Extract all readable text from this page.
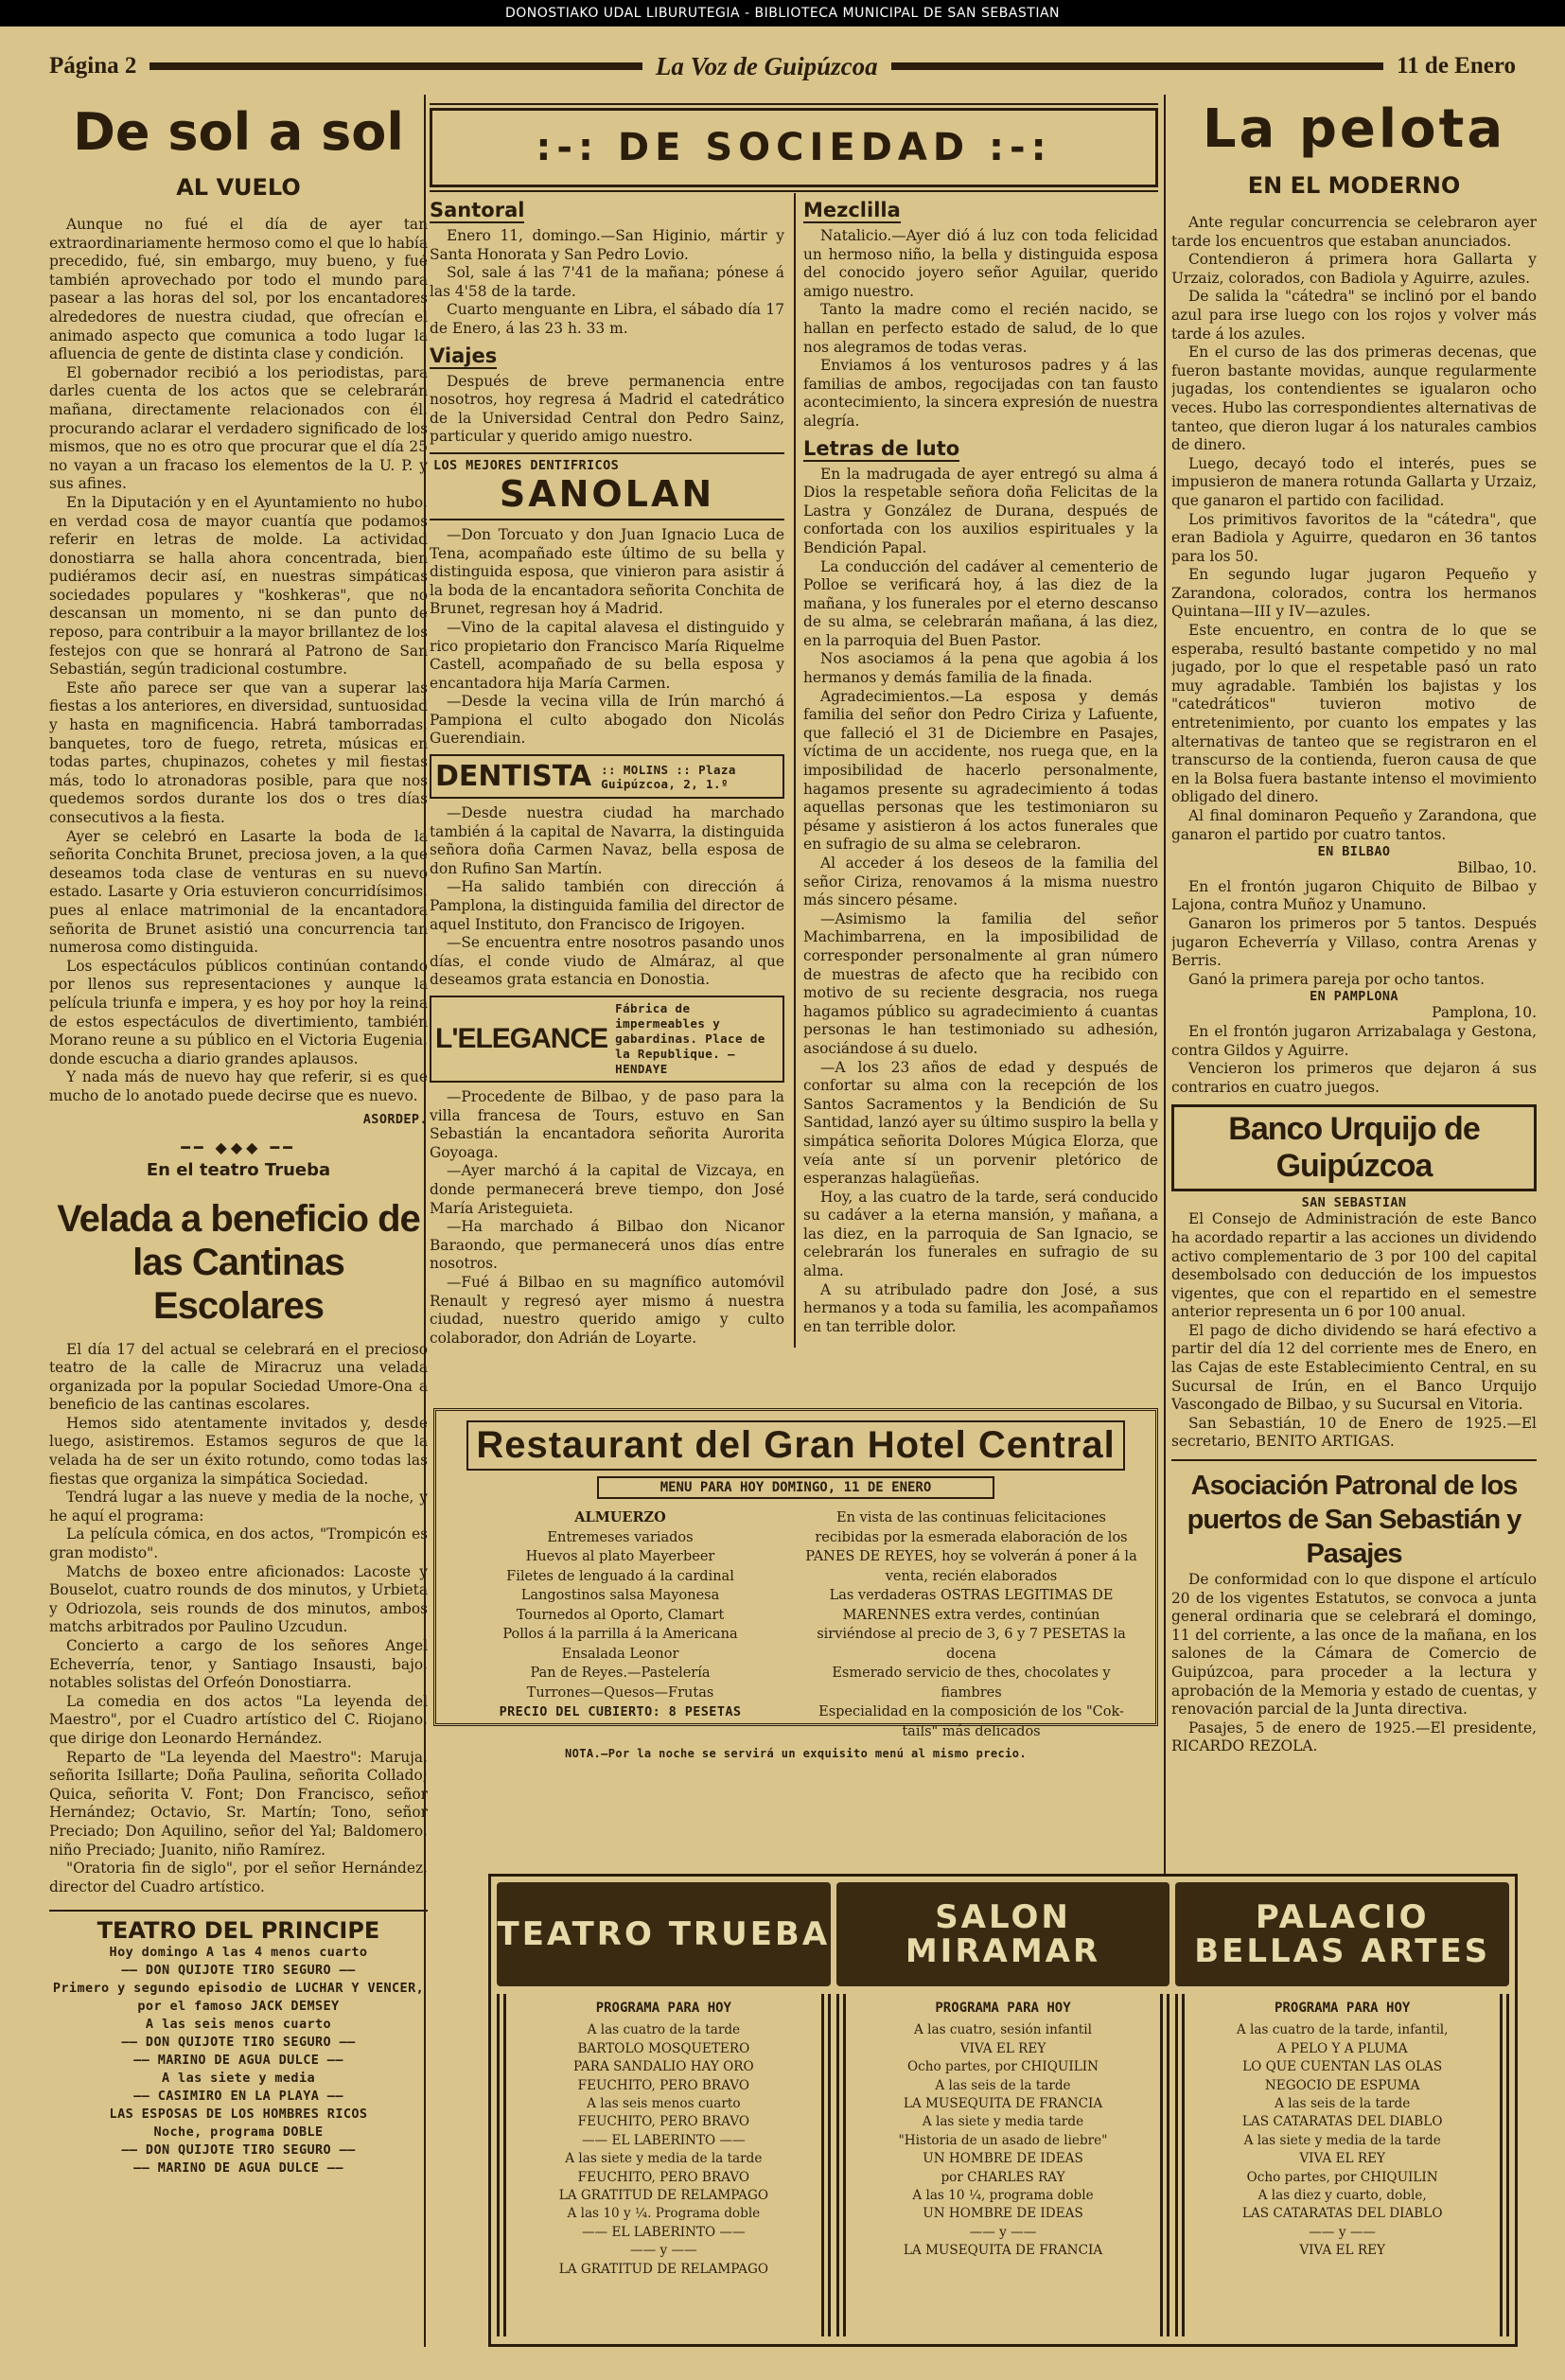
DONOSTIAKO UDAL LIBURUTEGIA - BIBLIOTECA MUNICIPAL DE SAN SEBASTIAN
Página 2	La Voz de Guipúzcoa	11 de Enero
De sol a sol
AL VUELO

Aunque no fué el día de ayer tan extraordinariamente hermoso como el que lo había precedido, fué, sin embargo, muy bueno, y fué también aprovechado por todo el mundo para pasear a las horas del sol, por los encantadores alrededores de nuestra ciudad, que ofrecían el animado aspecto que comunica a todo lugar la afluencia de gente de distinta clase y condición.

El gobernador recibió a los periodistas, para darles cuenta de los actos que se celebrarán mañana, directamente relacionados con él, procurando aclarar el verdadero significado de los mismos, que no es otro que procurar que el día 25 no vayan a un fracaso los elementos de la U. P. y sus afines.

En la Diputación y en el Ayuntamiento no hubo, en verdad cosa de mayor cuantía que podamos referir en letras de molde. La actividad donostiarra se halla ahora concentrada, bien pudiéramos decir así, en nuestras simpáticas sociedades populares y "koshkeras", que no descansan un momento, ni se dan punto de reposo, para contribuir a la mayor brillantez de los festejos con que se honrará al Patrono de San Sebastián, según tradicional costumbre.

Este año parece ser que van a superar las fiestas a los anteriores, en diversidad, suntuosidad y hasta en magnificencia. Habrá tamborradas, banquetes, toro de fuego, retreta, músicas en todas partes, chupinazos, cohetes y mil fiestas más, todo lo atronadoras posible, para que nos quedemos sordos durante los dos o tres días consecutivos a la fiesta.

Ayer se celebró en Lasarte la boda de la señorita Conchita Brunet, preciosa joven, a la que deseamos toda clase de venturas en su nuevo estado. Lasarte y Oria estuvieron concurridísimos, pues al enlace matrimonial de la encantadora señorita de Brunet asistió una concurrencia tan numerosa como distinguida.

Los espectáculos públicos continúan contando por llenos sus representaciones y aunque la película triunfa e impera, y es hoy por hoy la reina de estos espectáculos de divertimiento, también Morano reune a su público en el Victoria Eugenia, donde escucha a diario grandes aplausos.

Y nada más de nuevo hay que referir, si es que mucho de lo anotado puede decirse que es nuevo.

ASORDEP.
━━ ◆◆◆ ━━
En el teatro Trueba
Velada a beneficio de las Cantinas Escolares

El día 17 del actual se celebrará en el precioso teatro de la calle de Miracruz una velada organizada por la popular Sociedad Umore-Ona a beneficio de las cantinas escolares.

Hemos sido atentamente invitados y, desde luego, asistiremos. Estamos seguros de que la velada ha de ser un éxito rotundo, como todas las fiestas que organiza la simpática Sociedad.

Tendrá lugar a las nueve y media de la noche, y he aquí el programa:

La película cómica, en dos actos, "Trompicón es gran modisto".

Matchs de boxeo entre aficionados: Lacoste y Bouselot, cuatro rounds de dos minutos, y Urbieta y Odriozola, seis rounds de dos minutos, ambos matchs arbitrados por Paulino Uzcudun.

Concierto a cargo de los señores Angel Echeverría, tenor, y Santiago Insausti, bajo, notables solistas del Orfeón Donostiarra.

La comedia en dos actos "La leyenda del Maestro", por el Cuadro artístico del C. Riojano, que dirige don Leonardo Hernández.

Reparto de "La leyenda del Maestro": Maruja, señorita Isillarte; Doña Paulina, señorita Collado; Quica, señorita V. Font; Don Francisco, señor Hernández; Octavio, Sr. Martín; Tono, señor Preciado; Don Aquilino, señor del Yal; Baldomero, niño Preciado; Juanito, niño Ramírez.

"Oratoria fin de siglo", por el señor Hernández, director del Cuadro artístico.

TEATRO DEL PRINCIPE
Hoy domingo A las 4 menos cuarto
—— DON QUIJOTE TIRO SEGURO ——
Primero y segundo episodio de LUCHAR Y VENCER, por el famoso JACK DEMSEY
A las seis menos cuarto
—— DON QUIJOTE TIRO SEGURO ——
—— MARINO DE AGUA DULCE ——
A las siete y media
—— CASIMIRO EN LA PLAYA ——
LAS ESPOSAS DE LOS HOMBRES RICOS
Noche, programa DOBLE
—— DON QUIJOTE TIRO SEGURO ——
—— MARINO DE AGUA DULCE ——
:-: DE SOCIEDAD :-:
Santoral

Enero 11, domingo.—San Higinio, mártir y Santa Honorata y San Pedro Lovio.

Sol, sale á las 7'41 de la mañana; pónese á las 4'58 de la tarde.

Cuarto menguante en Libra, el sábado día 17 de Enero, á las 23 h. 33 m.

Viajes

Después de breve permanencia entre nosotros, hoy regresa á Madrid el catedrático de la Universidad Central don Pedro Sainz, particular y querido amigo nuestro.

LOS MEJORES DENTIFRICOS
SANOLAN

—Don Torcuato y don Juan Ignacio Luca de Tena, acompañado este último de su bella y distinguida esposa, que vinieron para asistir á la boda de la encantadora señorita Conchita de Brunet, regresan hoy á Madrid.

—Vino de la capital alavesa el distinguido y rico propietario don Francisco María Riquelme Castell, acompañado de su bella esposa y encantadora hija María Carmen.

—Desde la vecina villa de Irún marchó á Pampiona el culto abogado don Nicolás Guerendiain.

DENTISTA :: MOLINS :: Plaza Guipúzcoa, 2, 1.º

—Desde nuestra ciudad ha marchado también á la capital de Navarra, la distinguida señora doña Carmen Navaz, bella esposa de don Rufino San Martín.

—Ha salido también con dirección á Pamplona, la distinguida familia del director de aquel Instituto, don Francisco de Irigoyen.

—Se encuentra entre nosotros pasando unos días, el conde viudo de Almáraz, al que deseamos grata estancia en Donostia.

L'ELEGANCE
Fábrica de impermeables y gabardinas. Place de la Republique. — HENDAYE

—Procedente de Bilbao, y de paso para la villa francesa de Tours, estuvo en San Sebastián la encantadora señorita Aurorita Goyoaga.

—Ayer marchó á la capital de Vizcaya, en donde permanecerá breve tiempo, don José María Aristeguieta.

—Ha marchado á Bilbao don Nicanor Baraondo, que permanecerá unos días entre nosotros.

—Fué á Bilbao en su magnífico automóvil Renault y regresó ayer mismo á nuestra ciudad, nuestro querido amigo y culto colaborador, don Adrián de Loyarte.

Mezclilla

Natalicio.—Ayer dió á luz con toda felicidad un hermoso niño, la bella y distinguida esposa del conocido joyero señor Aguilar, querido amigo nuestro.

Tanto la madre como el recién nacido, se hallan en perfecto estado de salud, de lo que nos alegramos de todas veras.

Enviamos á los venturosos padres y á las familias de ambos, regocijadas con tan fausto acontecimiento, la sincera expresión de nuestra alegría.

Letras de luto

En la madrugada de ayer entregó su alma á Dios la respetable señora doña Felicitas de la Lastra y González de Durana, después de confortada con los auxilios espirituales y la Bendición Papal.

La conducción del cadáver al cementerio de Polloe se verificará hoy, á las diez de la mañana, y los funerales por el eterno descanso de su alma, se celebrarán mañana, á las diez, en la parroquia del Buen Pastor.

Nos asociamos á la pena que agobia á los hermanos y demás familia de la finada.

Agradecimientos.—La esposa y demás familia del señor don Pedro Ciriza y Lafuente, que falleció el 31 de Diciembre en Pasajes, víctima de un accidente, nos ruega que, en la imposibilidad de hacerlo personalmente, hagamos presente su agradecimiento á todas aquellas personas que les testimoniaron su pésame y asistieron á los actos funerales que en sufragio de su alma se celebraron.

Al acceder á los deseos de la familia del señor Ciriza, renovamos á la misma nuestro más sincero pésame.

—Asimismo la familia del señor Machimbarrena, en la imposibilidad de corresponder personalmente al gran número de muestras de afecto que ha recibido con motivo de su reciente desgracia, nos ruega hagamos público su agradecimiento á cuantas personas le han testimoniado su adhesión, asociándose á su duelo.

—A los 23 años de edad y después de confortar su alma con la recepción de los Santos Sacramentos y la Bendición de Su Santidad, lanzó ayer su último suspiro la bella y simpática señorita Dolores Múgica Elorza, que veía ante sí un porvenir pletórico de esperanzas halagüeñas.

Hoy, a las cuatro de la tarde, será conducido su cadáver a la eterna mansión, y mañana, a las diez, en la parroquia de San Ignacio, se celebrarán los funerales en sufragio de su alma.

A su atribulado padre don José, a sus hermanos y a toda su familia, les acompañamos en tan terrible dolor.

Restaurant del Gran Hotel Central
MENU PARA HOY DOMINGO, 11 DE ENERO
ALMUERZO
Entremeses variados
Huevos al plato Mayerbeer
Filetes de lenguado á la cardinal
Langostinos salsa Mayonesa
Tournedos al Oporto, Clamart
Pollos á la parrilla á la Americana
Ensalada Leonor
Pan de Reyes.—Pastelería
Turrones—Quesos—Frutas
PRECIO DEL CUBIERTO: 8 PESETAS
En vista de las continuas felicitaciones recibidas por la esmerada elaboración de los PANES DE REYES, hoy se volverán á poner á la venta, recién elaborados
Las verdaderas OSTRAS LEGITIMAS DE MARENNES extra verdes, continúan sirviéndose al precio de 3, 6 y 7 PESETAS la docena
Esmerado servicio de thes, chocolates y fiambres
Especialidad en la composición de los "Cok-tails" más delicados
NOTA.—Por la noche se servirá un exquisito menú al mismo precio.
La pelota
EN EL MODERNO

Ante regular concurrencia se celebraron ayer tarde los encuentros que estaban anunciados.

Contendieron á primera hora Gallarta y Urzaiz, colorados, con Badiola y Aguirre, azules.

De salida la "cátedra" se inclinó por el bando azul para irse luego con los rojos y volver más tarde á los azules.

En el curso de las dos primeras decenas, que fueron bastante movidas, aunque regularmente jugadas, los contendientes se igualaron ocho veces. Hubo las correspondientes alternativas de tanteo, que dieron lugar á los naturales cambios de dinero.

Luego, decayó todo el interés, pues se impusieron de manera rotunda Gallarta y Urzaiz, que ganaron el partido con facilidad.

Los primitivos favoritos de la "cátedra", que eran Badiola y Aguirre, quedaron en 36 tantos para los 50.

En segundo lugar jugaron Pequeño y Zarandona, colorados, contra los hermanos Quintana—III y IV—azules.

Este encuentro, en contra de lo que se esperaba, resultó bastante competido y no mal jugado, por lo que el respetable pasó un rato muy agradable. También los bajistas y los "catedráticos" tuvieron motivo de entretenimiento, por cuanto los empates y las alternativas de tanteo que se registraron en el transcurso de la contienda, fueron causa de que en la Bolsa fuera bastante intenso el movimiento obligado del dinero.

Al final dominaron Pequeño y Zarandona, que ganaron el partido por cuatro tantos.

EN BILBAO
Bilbao, 10.

En el frontón jugaron Chiquito de Bilbao y Lajona, contra Muñoz y Unamuno.

Ganaron los primeros por 5 tantos. Después jugaron Echeverría y Villaso, contra Arenas y Berris.

Ganó la primera pareja por ocho tantos.

EN PAMPLONA
Pamplona, 10.

En el frontón jugaron Arrizabalaga y Gestona, contra Gildos y Aguirre.

Vencieron los primeros que dejaron á sus contrarios en cuatro juegos.

Banco Urquijo de Guipúzcoa
SAN SEBASTIAN

El Consejo de Administración de este Banco ha acordado repartir a las acciones un dividendo activo complementario de 3 por 100 del capital desembolsado con deducción de los impuestos vigentes, que con el repartido en el semestre anterior representa un 6 por 100 anual.

El pago de dicho dividendo se hará efectivo a partir del día 12 del corriente mes de Enero, en las Cajas de este Establecimiento Central, en su Sucursal de Irún, en el Banco Urquijo Vascongado de Bilbao, y su Sucursal en Vitoria.

San Sebastián, 10 de Enero de 1925.—El secretario, BENITO ARTIGAS.

Asociación Patronal de los puertos de San Sebastián y Pasajes

De conformidad con lo que dispone el artículo 20 de los vigentes Estatutos, se convoca a junta general ordinaria que se celebrará el domingo, 11 del corriente, a las once de la mañana, en los salones de la Cámara de Comercio de Guipúzcoa, para proceder a la lectura y aprobación de la Memoria y estado de cuentas, y renovación parcial de la Junta directiva.

Pasajes, 5 de enero de 1925.—El presidente, RICARDO REZOLA.

TEATRO TRUEBA	SALON MIRAMAR
PALACIO BELLAS ARTES
PROGRAMA PARA HOY
A las cuatro de la tarde
BARTOLO MOSQUETERO
PARA SANDALIO HAY ORO
FEUCHITO, PERO BRAVO
A las seis menos cuarto
FEUCHITO, PERO BRAVO
—— EL LABERINTO ——
A las siete y media de la tarde
FEUCHITO, PERO BRAVO
LA GRATITUD DE RELAMPAGO
A las 10 y ¼. Programa doble
—— EL LABERINTO ——
—— y ——
LA GRATITUD DE RELAMPAGO
PROGRAMA PARA HOY
A las cuatro, sesión infantil
VIVA EL REY
Ocho partes, por CHIQUILIN
A las seis de la tarde
LA MUSEQUITA DE FRANCIA
A las siete y media tarde
"Historia de un asado de liebre"
UN HOMBRE DE IDEAS
por CHARLES RAY
A las 10 ¼, programa doble
UN HOMBRE DE IDEAS
—— y ——
LA MUSEQUITA DE FRANCIA
PROGRAMA PARA HOY
A las cuatro de la tarde, infantil,
A PELO Y A PLUMA
LO QUE CUENTAN LAS OLAS
NEGOCIO DE ESPUMA
A las seis de la tarde
LAS CATARATAS DEL DIABLO
A las siete y media de la tarde
VIVA EL REY
Ocho partes, por CHIQUILIN
A las diez y cuarto, doble,
LAS CATARATAS DEL DIABLO
—— y ——
VIVA EL REY
